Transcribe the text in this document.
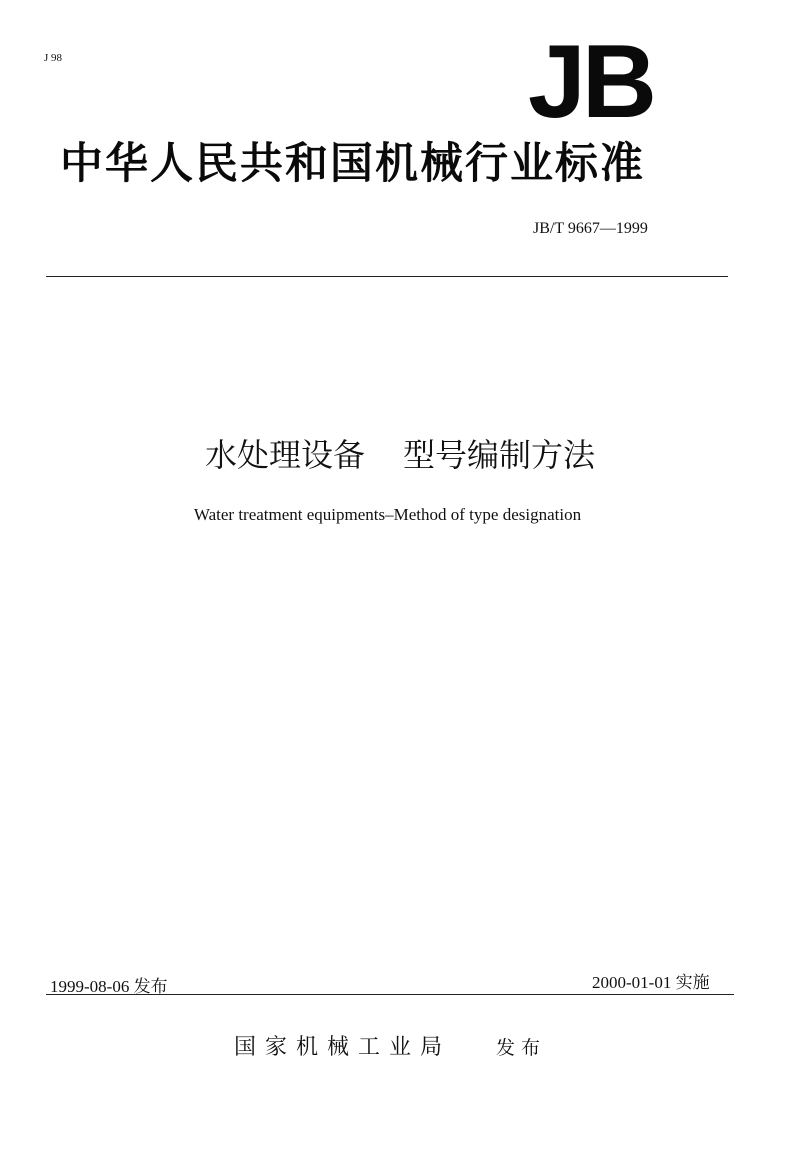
J 98	JB
中华人民共和国机械行业标准
JB/T 9667—1999
水处理设备 型号编制方法
Water treatment equipments–Method of type designation
1999-08-06 发布	2000-01-01 实施
国家机械工业局 发布
